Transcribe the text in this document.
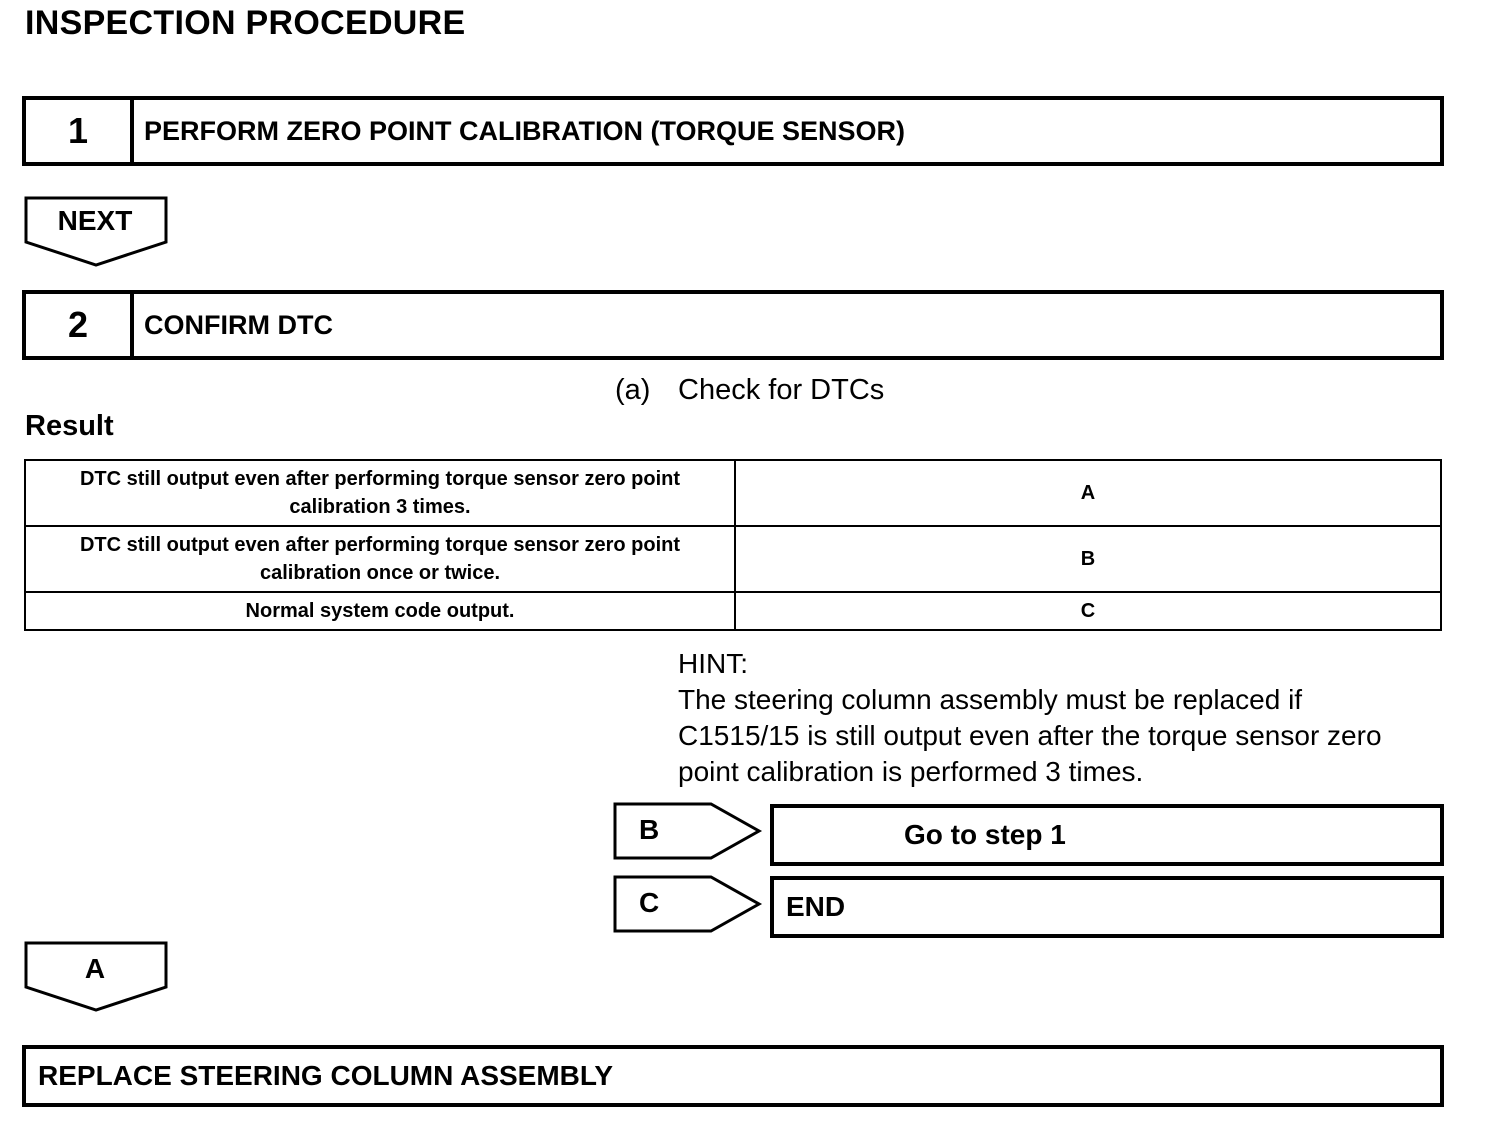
INSPECTION PROCEDURE
1	PERFORM ZERO POINT CALIBRATION (TORQUE SENSOR)
NEXT
2	CONFIRM DTC
(a) Check for DTCs
Result
DTC still output even after performing torque sensor zero point calibration 3 times.	A
DTC still output even after performing torque sensor zero point calibration once or twice.	B
Normal system code output.	C
HINT:
The steering column assembly must be replaced if
C1515/15 is still output even after the torque sensor zero
point calibration is performed 3 times.
B	Go to step 1
C	END
A
REPLACE STEERING COLUMN ASSEMBLY
